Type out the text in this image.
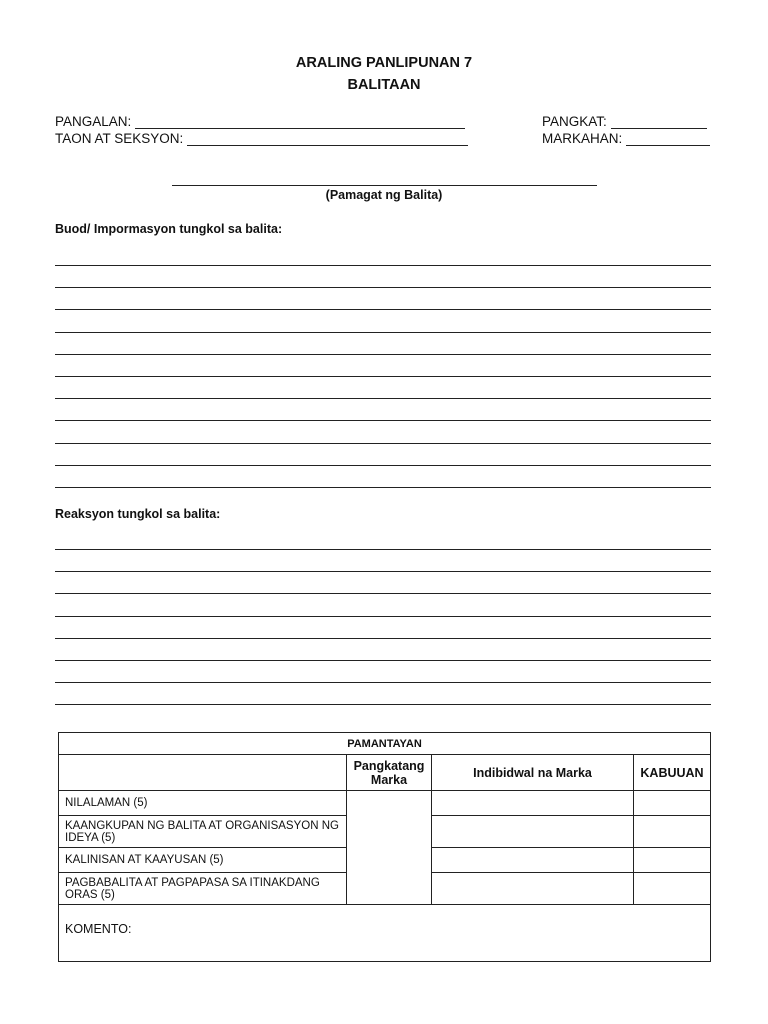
ARALING PANLIPUNAN 7
BALITAAN
PANGALAN:
TAON AT SEKSYON:
PANGKAT:
MARKAHAN:
(Pamagat ng Balita)
Buod/ Impormasyon tungkol sa balita:
Reaksyon tungkol sa balita:
PAMANTAYAN			
	Pangkatang Marka	Indibidwal na Marka	KABUUAN
NILALAMAN (5)			
KAANGKUPAN NG BALITA AT ORGANISASYON NG IDEYA (5)			
KALINISAN AT KAAYUSAN (5)			
PAGBABALITA AT PAGPAPASA SA ITINAKDANG ORAS (5)			
KOMENTO:			
